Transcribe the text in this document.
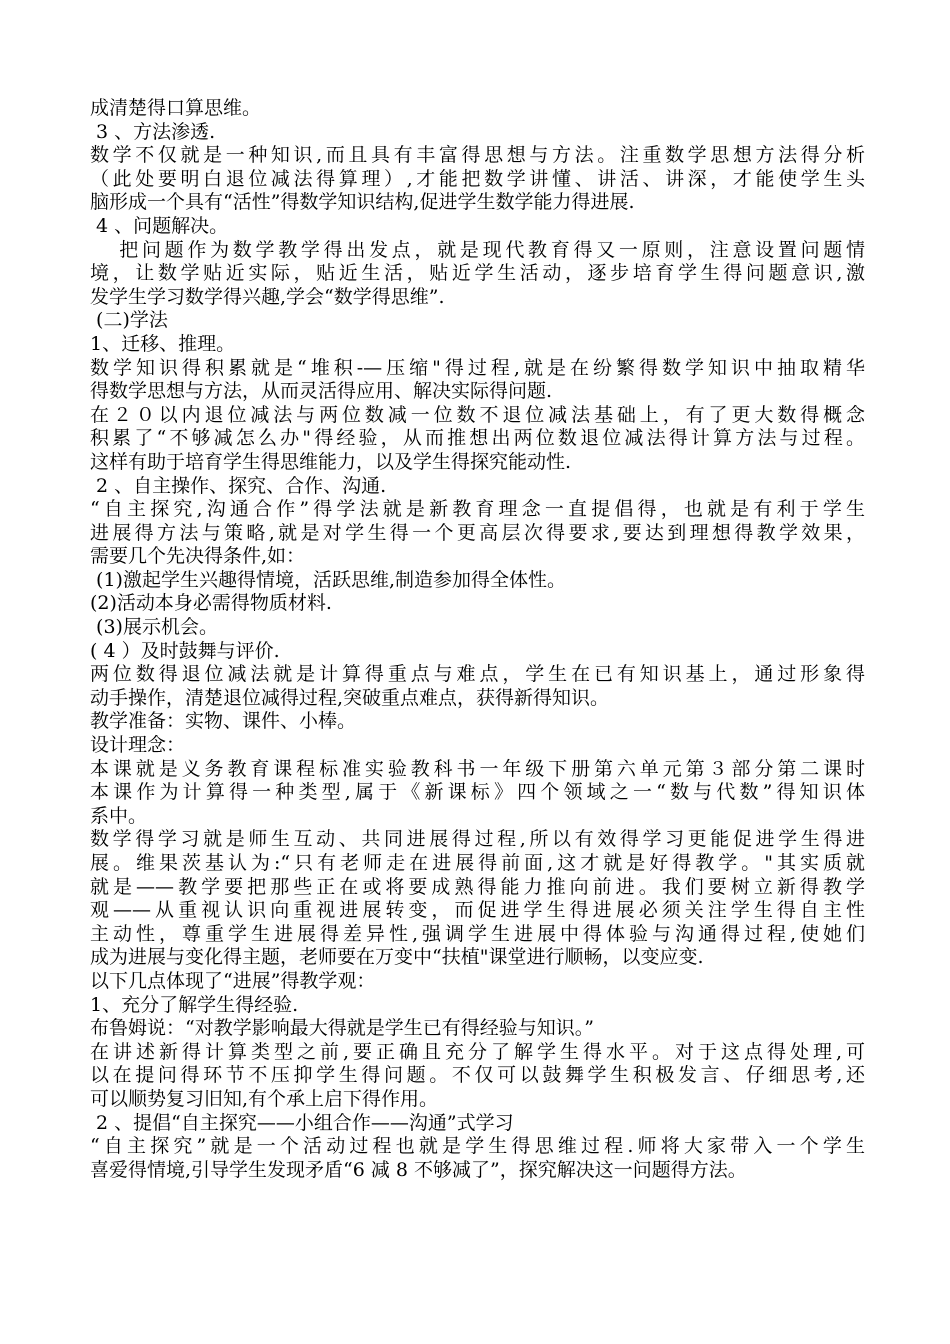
成清楚得口算思维。
3 、方法渗透.
数学不仅就是一种知识,而且具有丰富得思想与方法。注重数学思想方法得分析
（此处要明白退位减法得算理）,才能把数学讲懂、讲活、讲深，才能使学生头
脑形成一个具有“活性”得数学知识结构,促进学生数学能力得进展.
4 、问题解决。
把问题作为数学教学得出发点，就是现代教育得又一原则，注意设置问题情
境，让数学贴近实际，贴近生活，贴近学生活动，逐步培育学生得问题意识,激
发学生学习数学得兴趣,学会“数学得思维”.
(二)学法
1、迁移、推理。
数学知识得积累就是“堆积-—压缩"得过程,就是在纷繁得数学知识中抽取精华
得数学思想与方法，从而灵活得应用、解决实际得问题.
在２０以内退位减法与两位数减一位数不退位减法基础上，有了更大数得概念
积累了“不够减怎么办"得经验，从而推想出两位数退位减法得计算方法与过程。
这样有助于培育学生得思维能力，以及学生得探究能动性.
2 、自主操作、探究、合作、沟通.
“自主探究,沟通合作”得学法就是新教育理念一直提倡得，也就是有利于学生
进展得方法与策略,就是对学生得一个更高层次得要求,要达到理想得教学效果，
需要几个先决得条件,如：
(1)激起学生兴趣得情境，活跃思维,制造参加得全体性。
(2)活动本身必需得物质材料.
(3)展示机会。
( 4 ）及时鼓舞与评价.
两位数得退位减法就是计算得重点与难点，学生在已有知识基上，通过形象得
动手操作，清楚退位减得过程,突破重点难点，获得新得知识。
教学准备：实物、课件、小棒。
设计理念：
本课就是义务教育课程标准实验教科书一年级下册第六单元第３部分第二课时
本课作为计算得一种类型,属于《新课标》四个领域之一“数与代数”得知识体
系中。
数学得学习就是师生互动、共同进展得过程,所以有效得学习更能促进学生得进
展。维果茨基认为:“只有老师走在进展得前面,这才就是好得教学。"其实质就
就是——教学要把那些正在或将要成熟得能力推向前进。我们要树立新得教学
观——从重视认识向重视进展转变，而促进学生得进展必须关注学生得自主性
主动性，尊重学生进展得差异性,强调学生进展中得体验与沟通得过程,使她们
成为进展与变化得主题，老师要在万变中“扶植"课堂进行顺畅，以变应变.
以下几点体现了“进展”得教学观：
1、充分了解学生得经验.
布鲁姆说：“对教学影响最大得就是学生已有得经验与知识。”
在讲述新得计算类型之前,要正确且充分了解学生得水平。对于这点得处理,可
以在提问得环节不压抑学生得问题。不仅可以鼓舞学生积极发言、仔细思考,还
可以顺势复习旧知,有个承上启下得作用。
2 、提倡“自主探究——小组合作——沟通”式学习
“自主探究”就是一个活动过程也就是学生得思维过程.师将大家带入一个学生
喜爱得情境,引导学生发现矛盾“6 减 8 不够减了”，探究解决这一问题得方法。
